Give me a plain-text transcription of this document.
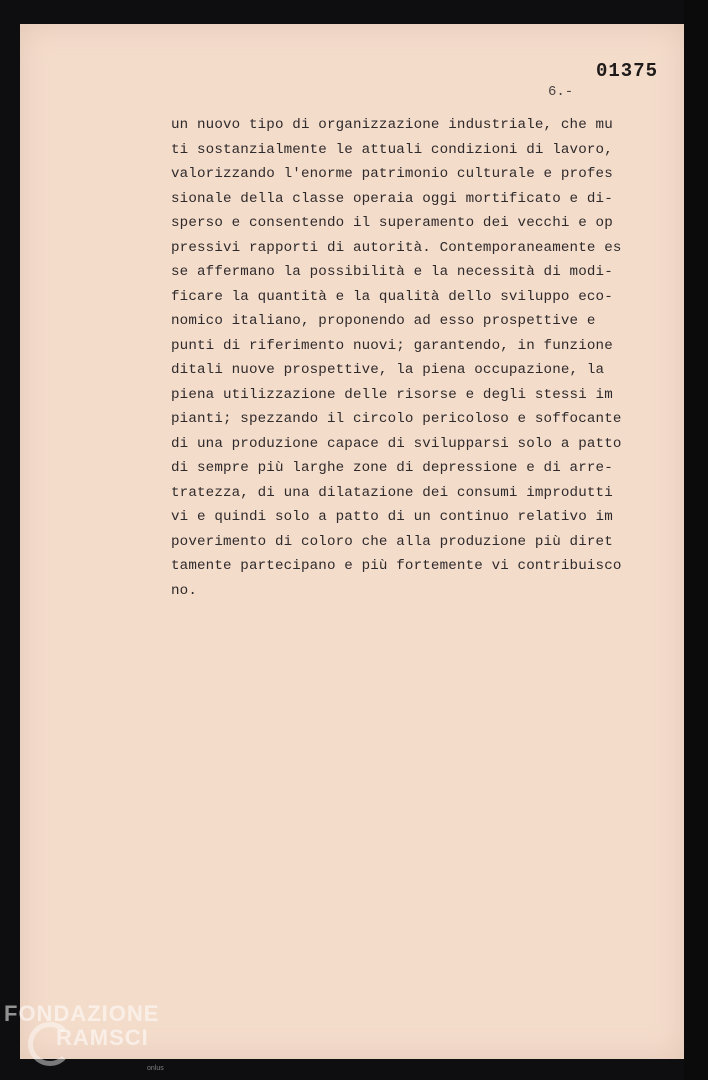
01375
6.-
un nuovo tipo di organizzazione industriale, che mu
ti sostanzialmente le attuali condizioni di lavoro,
valorizzando l'enorme patrimonio culturale e profes
sionale della classe operaia oggi mortificato e di-
sperso e consentendo il superamento dei vecchi e op
pressivi rapporti di autorità. Contemporaneamente es
se affermano la possibilità e la necessità di modi-
ficare la quantità e la qualità dello sviluppo eco-
nomico italiano, proponendo ad esso prospettive e
punti di riferimento nuovi; garantendo, in funzione
ditali nuove prospettive, la piena occupazione, la
piena utilizzazione delle risorse e degli stessi im
pianti; spezzando il circolo pericoloso e soffocante
di una produzione capace di svilupparsi solo a patto
di sempre più larghe zone di depressione e di arre-
tratezza, di una dilatazione dei consumi improdutti
vi e quindi solo a patto di un continuo relativo im
poverimento di coloro che alla produzione più diret
tamente partecipano e più fortemente vi contribuisco
no.
FONDAZIONE
RAMSCI
onlus
